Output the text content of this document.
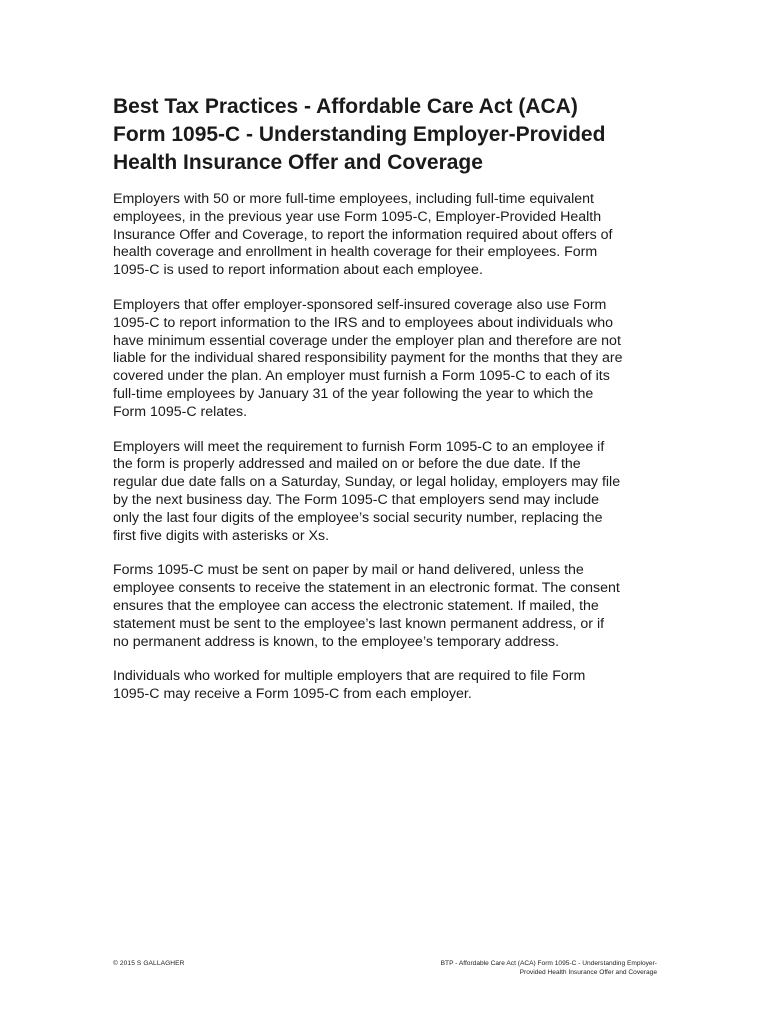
Best Tax Practices - Affordable Care Act (ACA)
Form 1095-C - Understanding Employer-Provided
Health Insurance Offer and Coverage

Employers with 50 or more full-time employees, including full-time equivalent
employees, in the previous year use Form 1095-C, Employer-Provided Health
Insurance Offer and Coverage, to report the information required about offers of
health coverage and enrollment in health coverage for their employees. Form
1095-C is used to report information about each employee.

Employers that offer employer-sponsored self-insured coverage also use Form
1095-C to report information to the IRS and to employees about individuals who
have minimum essential coverage under the employer plan and therefore are not
liable for the individual shared responsibility payment for the months that they are
covered under the plan. An employer must furnish a Form 1095-C to each of its
full-time employees by January 31 of the year following the year to which the
Form 1095-C relates.

Employers will meet the requirement to furnish Form 1095-C to an employee if
the form is properly addressed and mailed on or before the due date. If the
regular due date falls on a Saturday, Sunday, or legal holiday, employers may file
by the next business day. The Form 1095-C that employers send may include
only the last four digits of the employee’s social security number, replacing the
first five digits with asterisks or Xs.

Forms 1095-C must be sent on paper by mail or hand delivered, unless the
employee consents to receive the statement in an electronic format. The consent
ensures that the employee can access the electronic statement. If mailed, the
statement must be sent to the employee’s last known permanent address, or if
no permanent address is known, to the employee’s temporary address.

Individuals who worked for multiple employers that are required to file Form
1095-C may receive a Form 1095-C from each employer.

© 2015 S GALLAGHER	BTP - Affordable Care Act (ACA) Form 1095-C - Understanding Employer-
Provided Health Insurance Offer and Coverage
